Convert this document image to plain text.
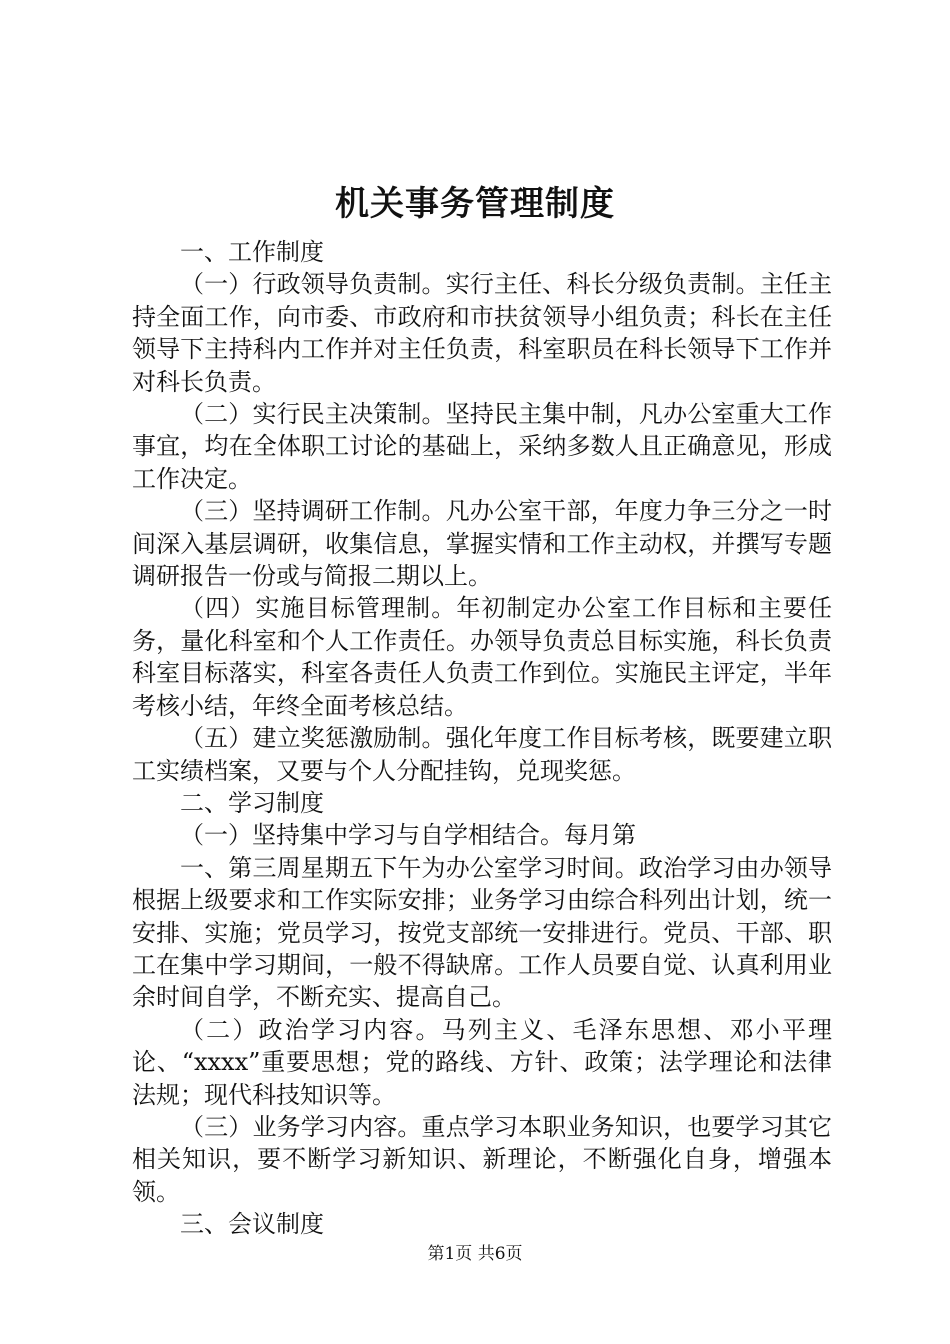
机关事务管理制度

一、工作制度

（一）行政领导负责制。实行主任、科长分级负责制。主任主持全面工作，向市委、市政府和市扶贫领导小组负责；科长在主任领导下主持科内工作并对主任负责，科室职员在科长领导下工作并对科长负责。

（二）实行民主决策制。坚持民主集中制，凡办公室重大工作事宜，均在全体职工讨论的基础上，采纳多数人且正确意见，形成工作决定。

（三）坚持调研工作制。凡办公室干部，年度力争三分之一时间深入基层调研，收集信息，掌握实情和工作主动权，并撰写专题调研报告一份或与简报二期以上。

（四）实施目标管理制。年初制定办公室工作目标和主要任务，量化科室和个人工作责任。办领导负责总目标实施，科长负责科室目标落实，科室各责任人负责工作到位。实施民主评定，半年考核小结，年终全面考核总结。

（五）建立奖惩激励制。强化年度工作目标考核，既要建立职工实绩档案，又要与个人分配挂钩，兑现奖惩。

二、学习制度

（一）坚持集中学习与自学相结合。每月第

一、第三周星期五下午为办公室学习时间。政治学习由办领导根据上级要求和工作实际安排；业务学习由综合科列出计划，统一安排、实施；党员学习，按党支部统一安排进行。党员、干部、职工在集中学习期间，一般不得缺席。工作人员要自觉、认真利用业余时间自学，不断充实、提高自己。

（二）政治学习内容。马列主义、毛泽东思想、邓小平理论、“xxxx”重要思想；党的路线、方针、政策；法学理论和法律法规；现代科技知识等。

（三）业务学习内容。重点学习本职业务知识，也要学习其它相关知识，要不断学习新知识、新理论，不断强化自身，增强本领。

三、会议制度

第1页 共6页
